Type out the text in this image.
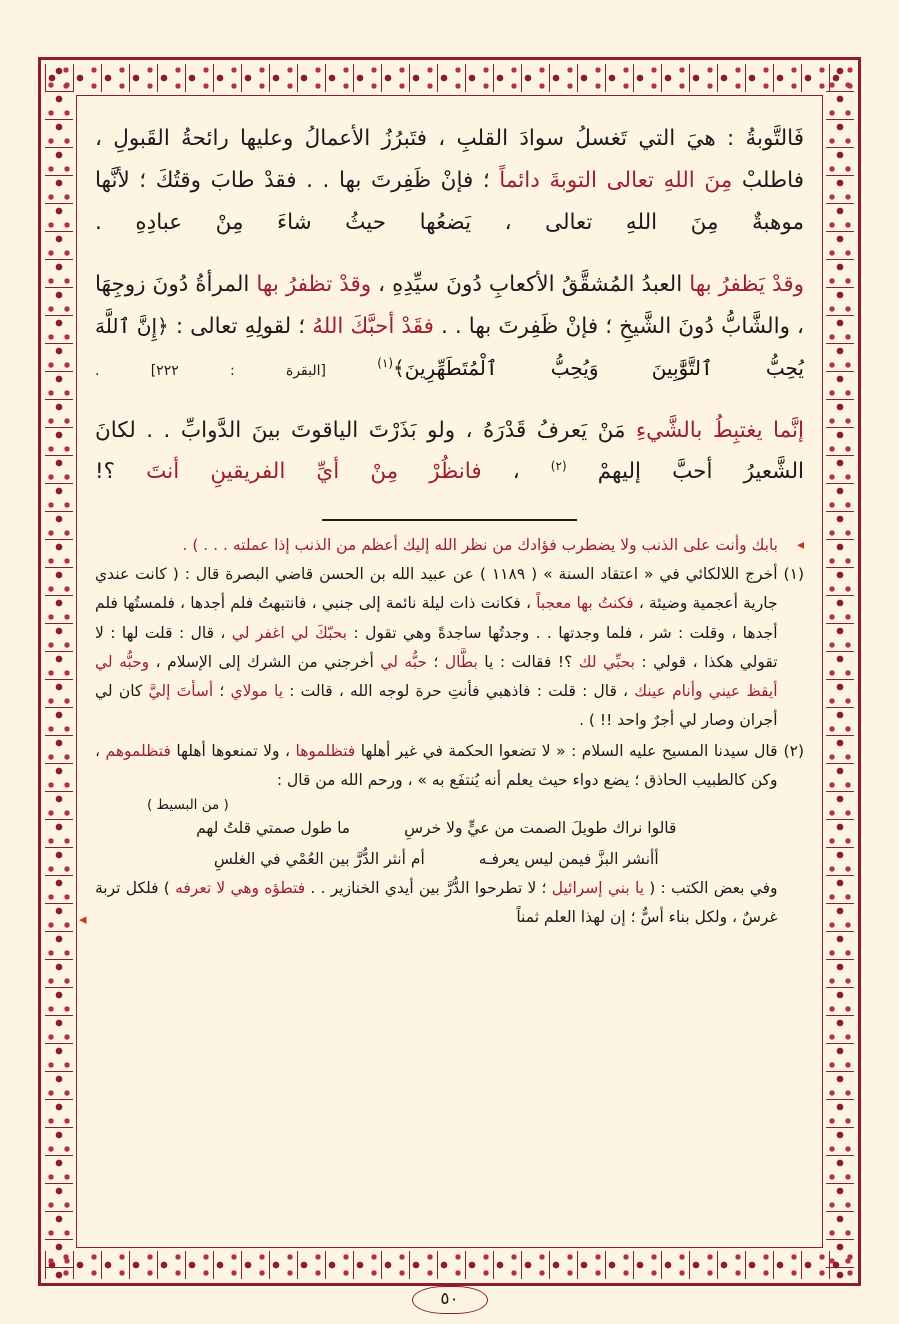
فَالتَّوبةُ : هيَ التي تَغسلُ سوادَ القلبِ ، فتَبرُزُ الأعمالُ وعليها رائحةُ القَبولِ ، فاطلبْ مِنَ اللهِ تعالى التوبةَ دائماً ؛ فإنْ ظَفِرتَ بها . . فقدْ طابَ وقتُكَ ؛ لأنَّها موهبةٌ مِنَ اللهِ تعالى ، يَضعُها حيثُ شاءَ مِنْ عبادِهِ .

وقدْ يَظفرُ بها العبدُ المُشقَّقُ الأكعابِ دُونَ سيِّدِهِ ، وقدْ تظفرُ بها المرأةُ دُونَ زوجِهَا ، والشَّابُّ دُونَ الشَّيخِ ؛ فإنْ ظَفِرتَ بها . . فقَدْ أحبَّكَ اللهُ ؛ لقولِهِ تعالى : ﴿إِنَّ ٱللَّهَ يُحِبُّ ٱلتَّوَّٰبِينَ وَيُحِبُّ ٱلْمُتَطَهِّرِينَ﴾$^{(١)}$ [البقرة : ٢٢٢] .

إنَّما يغتبِطُ بالشَّيءِ مَنْ يَعرفُ قَدْرَهُ ، ولو بَذَرْتَ الياقوتَ بينَ الدَّوابِّ . . لكانَ الشَّعيرُ أحبَّ إليهمْ $^{(٢)}$ ، فانظُرْ مِنْ أيِّ الفريقينِ أنتَ ؟!

◂
بابك وأنت على الذنب ولا يضطرب فؤادك من نظر الله إليك أعظم من الذنب إذا عملته . . . ) .
(١)
أخرج اللالكائي في « اعتقاد السنة » ( ١١٨٩ ) عن عبيد الله بن الحسن قاضي البصرة قال : ( كانت عندي جارية أعجمية وضيئة ، فكنتُ بها معجباً ، فكانت ذات ليلة نائمة إلى جنبي ، فانتبهتُ فلم أجدها ، فلمستُها فلم أجدها ، وقلت : شر ، فلما وجدتها . . وجدتُها ساجدةً وهي تقول : بحبّكَ لي اغفر لي ، قال : قلت لها : لا تقولي هكذا ، قولي : بحبِّي لك ؟! فقالت : يا بطَّال ؛ حبُّه لي أخرجني من الشرك إلى الإسلام ، وحبُّه لي أيقظ عيني وأنام عينك ، قال : قلت : فاذهبي فأنتِ حرة لوجه الله ، قالت : يا مولاي ؛ أسأتَ إليَّ كان لي أجران وصار لي أجرٌ واحد !! ) .
(٢)
قال سيدنا المسيح عليه السلام : « لا تضعوا الحكمة في غير أهلها فتظلموها ، ولا تمنعوها أهلها فتظلموهم ، وكن كالطبيب الحاذق ؛ يضع دواء حيث يعلم أنه يُنتفَع به » ، ورحم الله من قال :
( من البسيط )
قالوا نراك طويلَ الصمت من عيٍّ ولا خرسِ
ما طول صمتي قلتُ لهم
أأنشر البزَّ فيمن ليس يعرفـه
أم أنثر الدُّرَّ بين العُمْي في الغلسِ
◂
وفي بعض الكتب : ( يا بني إسرائيل ؛ لا تطرحوا الدُّرَّ بين أيدي الخنازير . . فتطؤه وهي لا تعرفه ) فلكل تربة غرسٌ ، ولكل بناء أسٌّ ؛ إن لهذا العلم ثمناً
٥٠
